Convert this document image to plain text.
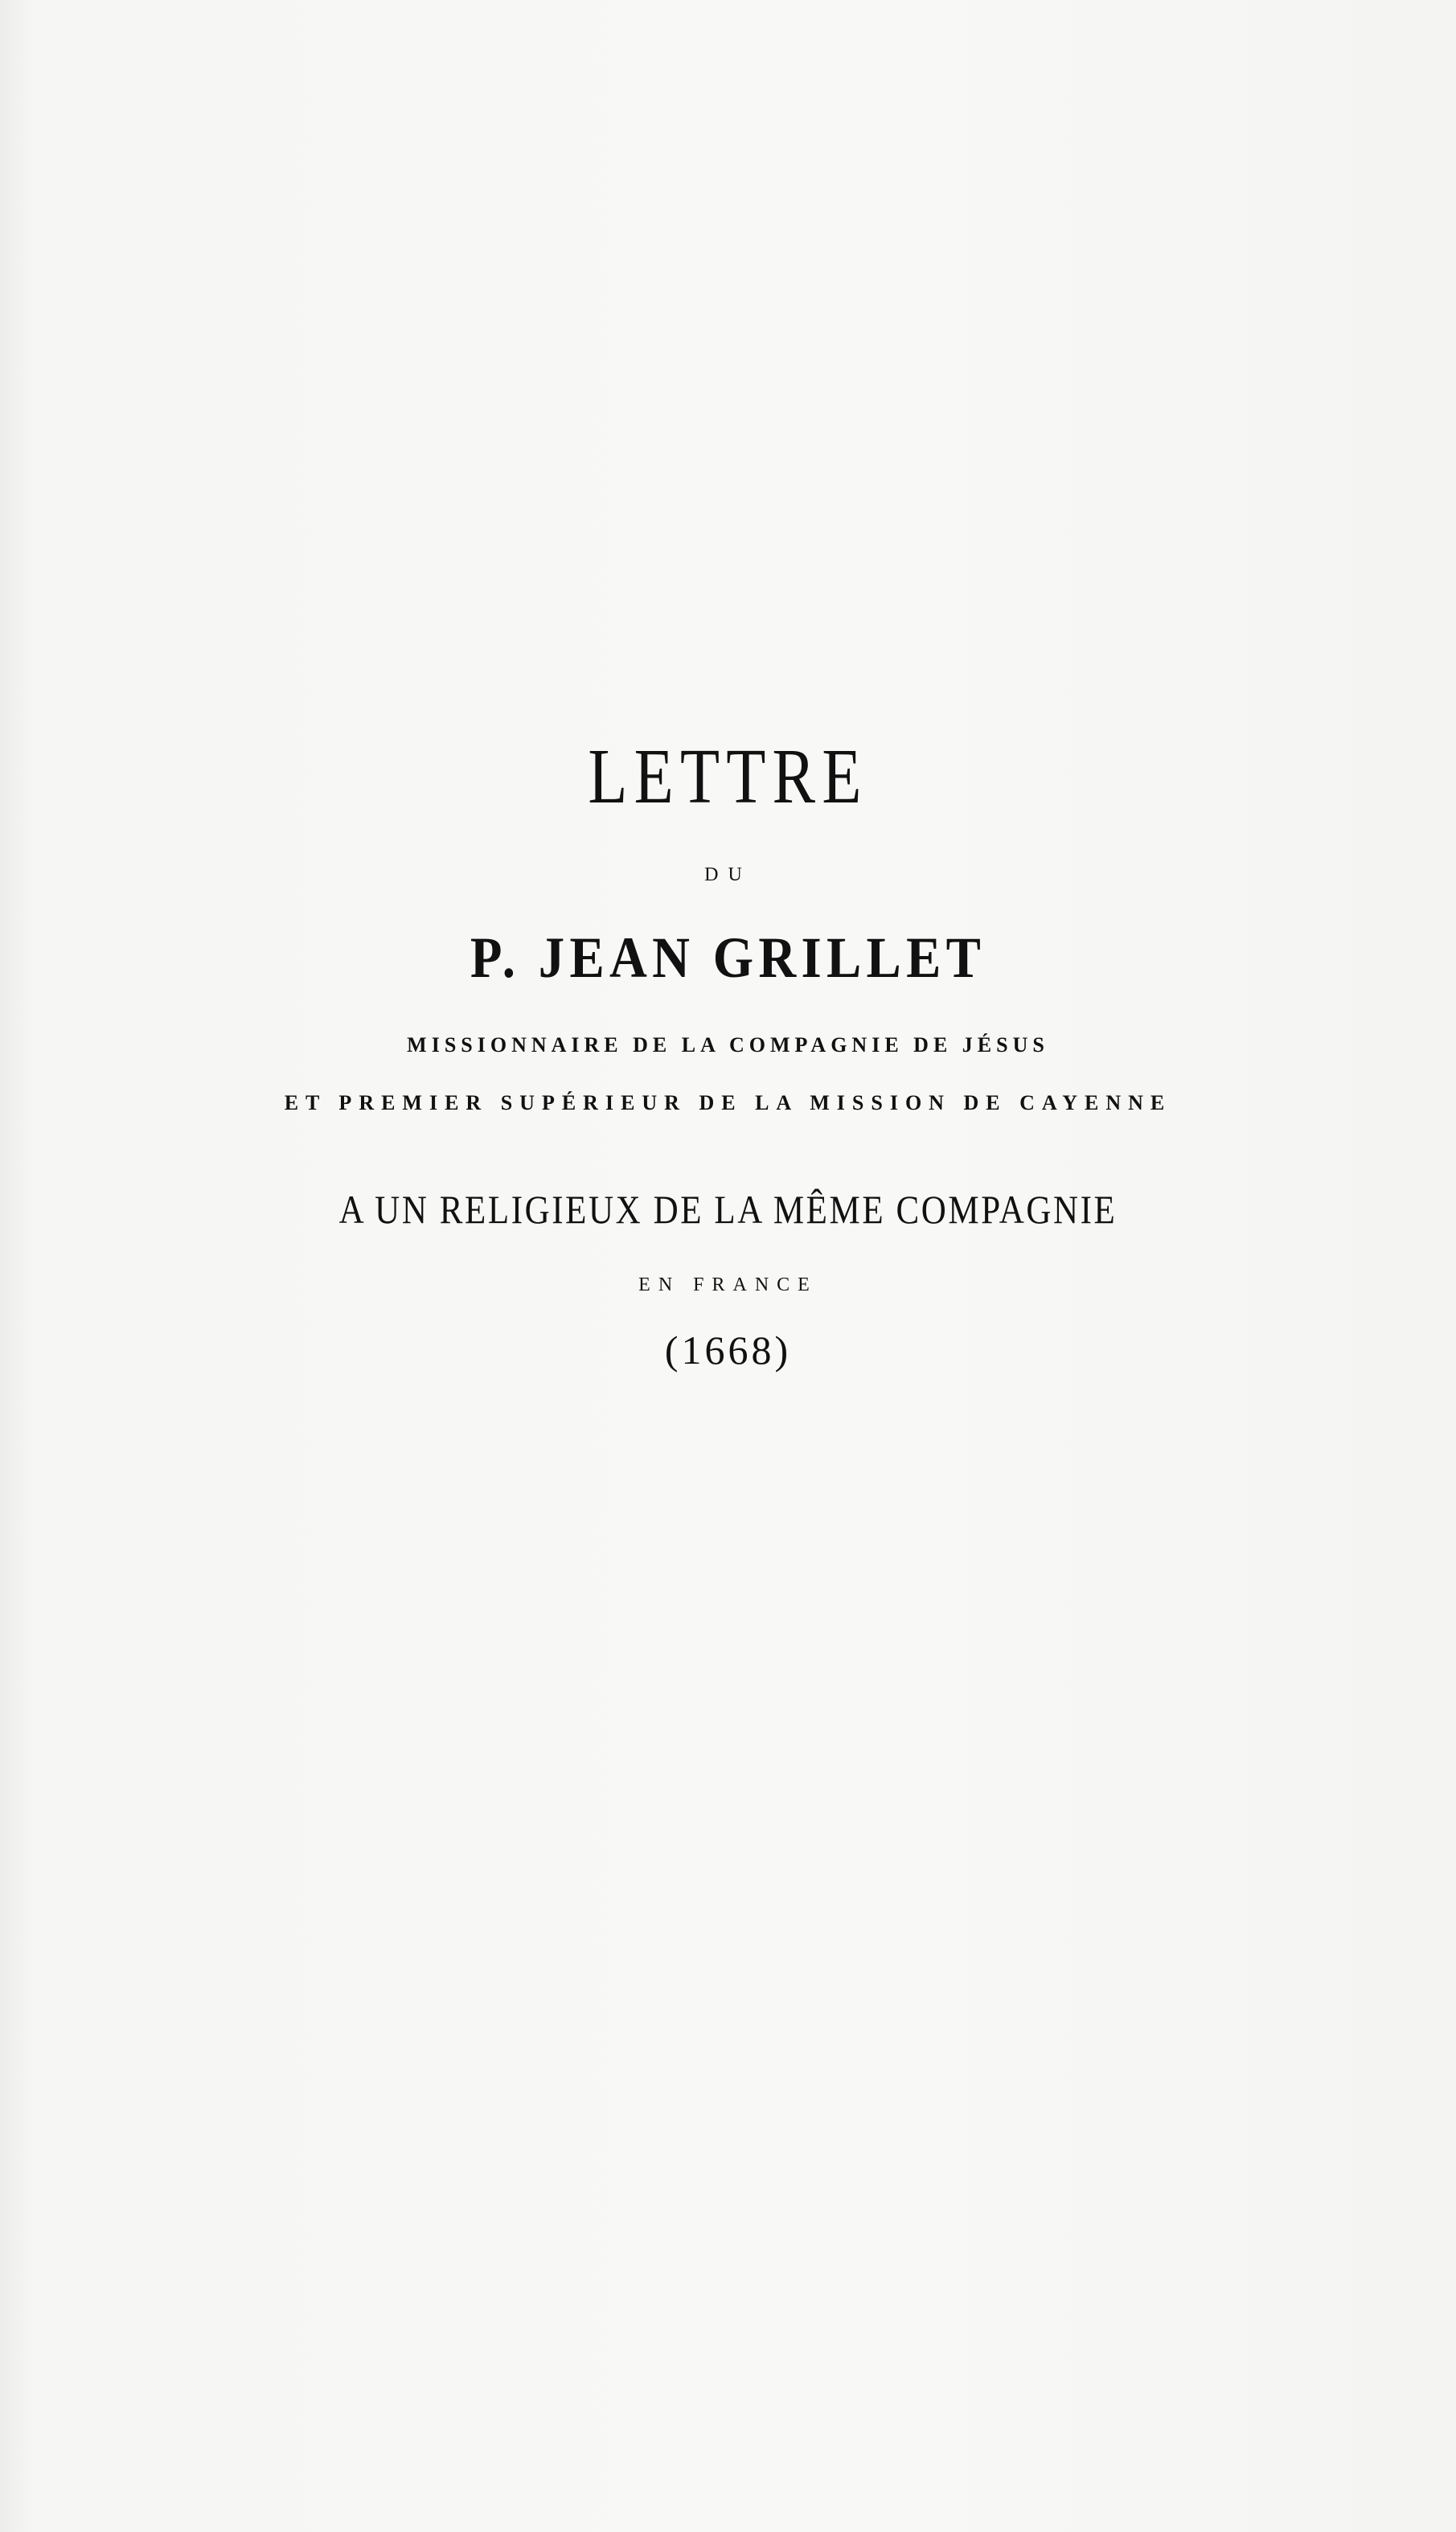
LETTRE
DU
P. JEAN GRILLET
MISSIONNAIRE DE LA COMPAGNIE DE JÉSUS
ET PREMIER SUPÉRIEUR DE LA MISSION DE CAYENNE
A UN RELIGIEUX DE LA MÊME COMPAGNIE
EN FRANCE
(1668)
